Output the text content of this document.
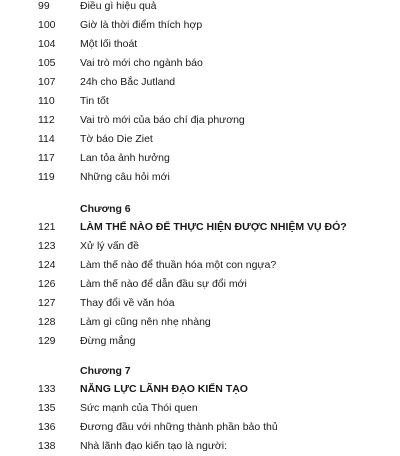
99	Điều gì hiệu quả
100	Giờ là thời điểm thích hợp
104	Một lối thoát
105	Vai trò mới cho ngành báo
107	24h cho Bắc Jutland
110	Tin tốt
112	Vai trò mới của báo chí địa phương
114	Tờ báo Die Ziet
117	Lan tỏa ảnh hưởng
119	Những câu hỏi mới
Chương 6
121	LÀM THẾ NÀO ĐỂ THỰC HIỆN ĐƯỢC NHIỆM VỤ ĐÓ?
123	Xử lý vấn đề
124	Làm thế nào để thuần hóa một con ngựa?
126	Làm thế nào để dẫn đầu sự đổi mới
127	Thay đổi về văn hóa
128	Làm gì cũng nên nhẹ nhàng
129	Đừng mắng
Chương 7
133	NĂNG LỰC LÃNH ĐẠO KIẾN TẠO
135	Sức mạnh của Thói quen
136	Đương đầu với những thành phần bảo thủ
138	Nhà lãnh đạo kiến tạo là người:
